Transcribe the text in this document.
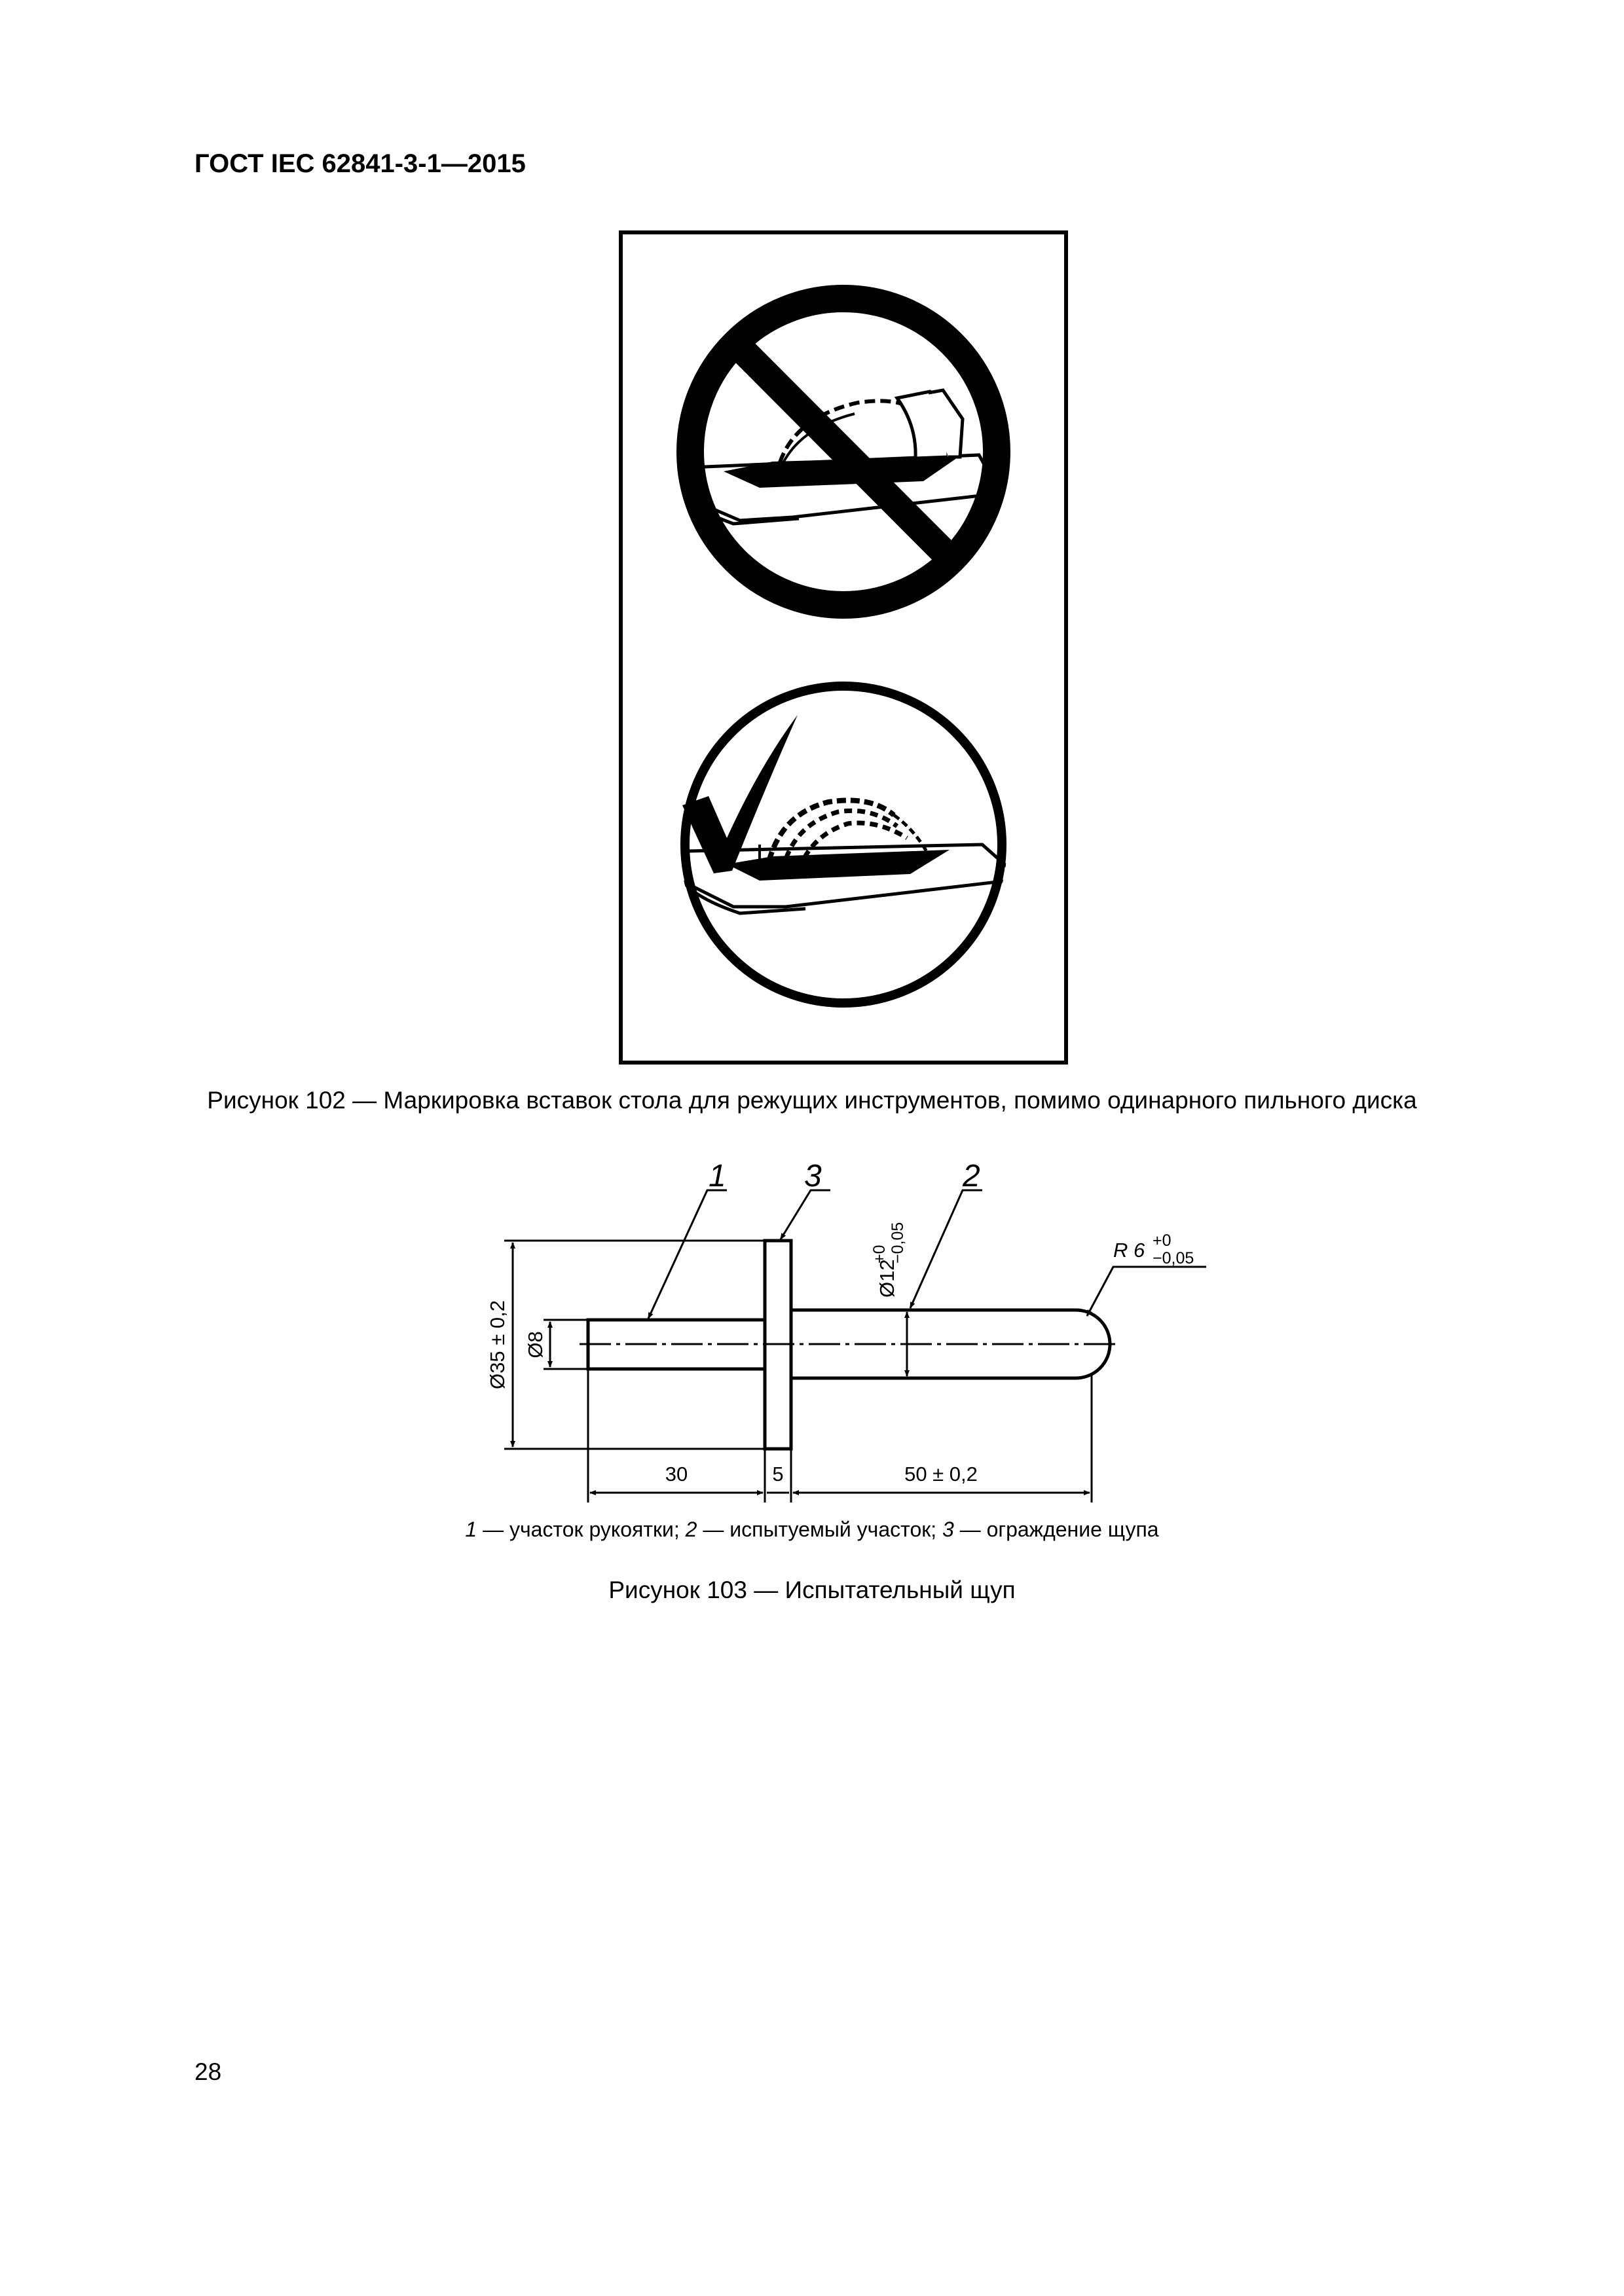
ГОСТ IEC 62841-3-1—2015
Рисунок 102 — Маркировка вставок стола для режущих инструментов, помимо одинарного пильного диска
1 3	2
Ø35 ± 0,2 Ø8
Ø12
+0 −0,05	R 6 +0
−0,05
30	5	50 ± 0,2
1 — участок рукоятки; 2 — испытуемый участок; 3 — ограждение щупа
Рисунок 103 — Испытательный щуп
28
